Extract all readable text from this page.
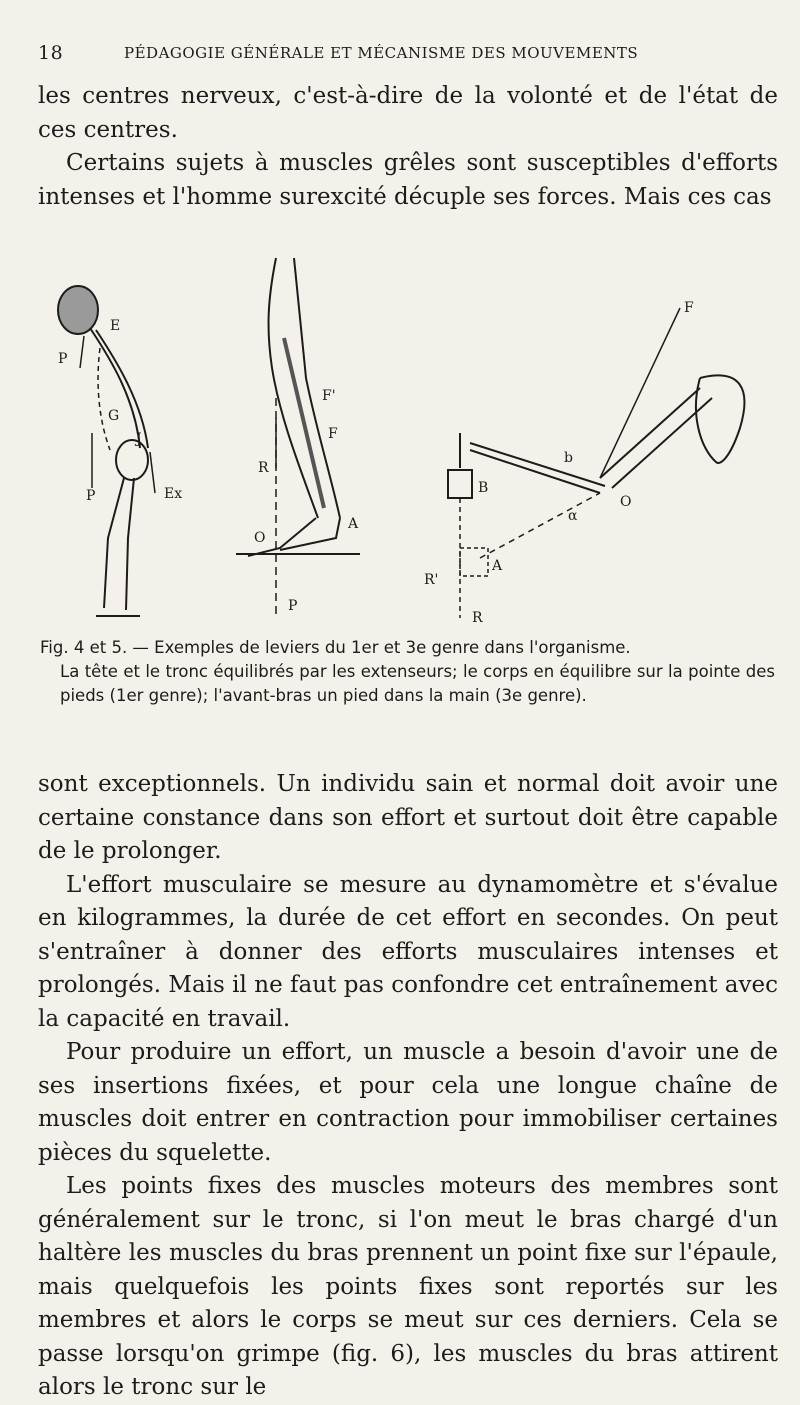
18	PÉDAGOGIE GÉNÉRALE ET MÉCANISME DES MOUVEMENTS

les centres nerveux, c'est-à-dire de la volonté et de l'état de ces centres.

Certains sujets à muscles grêles sont susceptibles d'efforts intenses et l'homme surexcité décuple ses forces. Mais ces cas

E
P
G
J
P	Ex
F'
F
R
O
A
P
F
b
O
α
B
A
R'
R
Fig. 4 et 5. — Exemples de leviers du 1er et 3e genre dans l'organisme.
La tête et le tronc équilibrés par les extenseurs; le corps en équilibre sur la pointe des pieds (1er genre); l'avant-bras un pied dans la main (3e genre).

sont exceptionnels. Un individu sain et normal doit avoir une certaine constance dans son effort et surtout doit être capable de le prolonger.

L'effort musculaire se mesure au dynamomètre et s'évalue en kilogrammes, la durée de cet effort en secondes. On peut s'entraîner à donner des efforts musculaires intenses et prolongés. Mais il ne faut pas confondre cet entraînement avec la capacité en travail.

Pour produire un effort, un muscle a besoin d'avoir une de ses insertions fixées, et pour cela une longue chaîne de muscles doit entrer en contraction pour immobiliser certaines pièces du squelette.

Les points fixes des muscles moteurs des membres sont généralement sur le tronc, si l'on meut le bras chargé d'un haltère les muscles du bras prennent un point fixe sur l'épaule, mais quelquefois les points fixes sont reportés sur les membres et alors le corps se meut sur ces derniers. Cela se passe lorsqu'on grimpe (fig. 6), les muscles du bras attirent alors le tronc sur le
